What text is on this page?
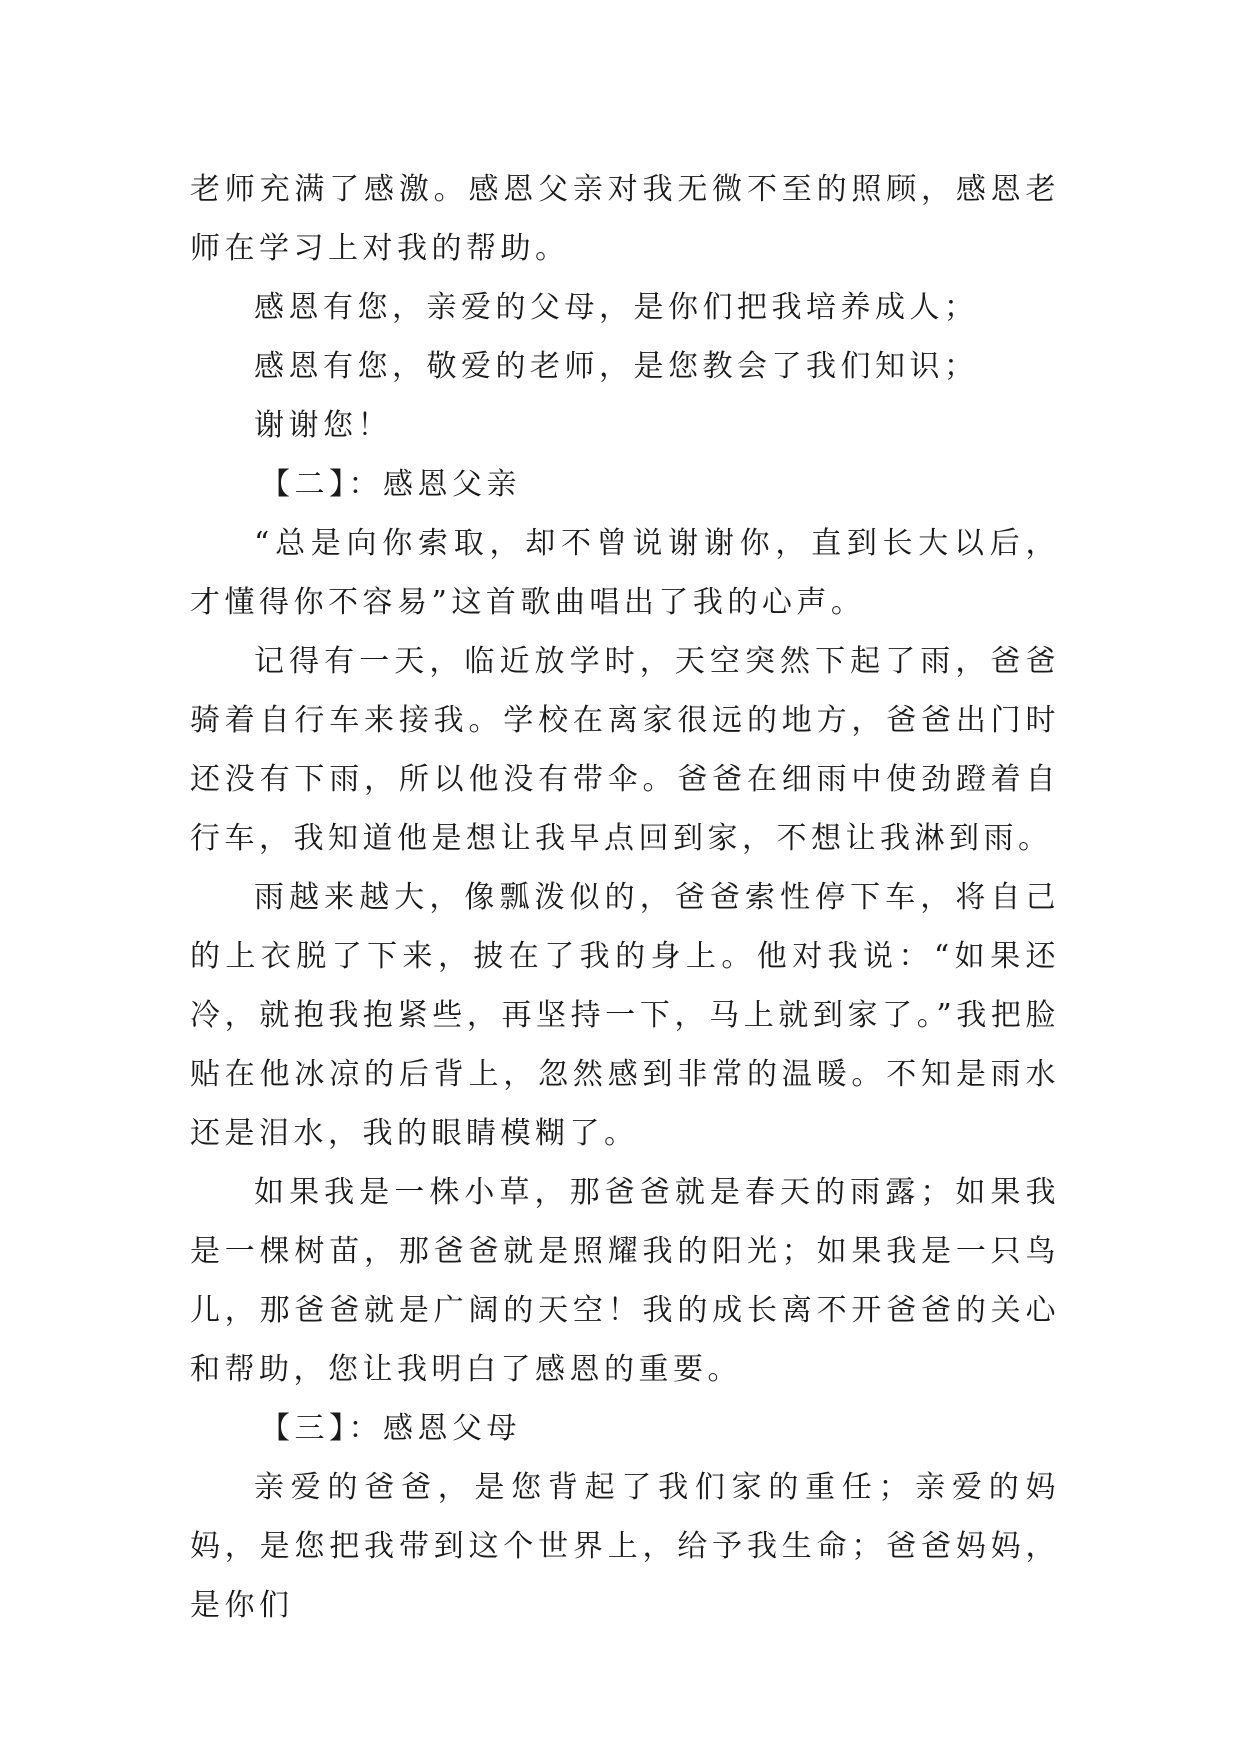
老师充满了感激。感恩父亲对我无微不至的照顾，感恩老师在学习上对我的帮助。

感恩有您，亲爱的父母，是你们把我培养成人；

感恩有您，敬爱的老师，是您教会了我们知识；

谢谢您！

【二】：感恩父亲

“总是向你索取，却不曾说谢谢你，直到长大以后，才懂得你不容易”这首歌曲唱出了我的心声。

记得有一天，临近放学时，天空突然下起了雨，爸爸骑着自行车来接我。学校在离家很远的地方，爸爸出门时还没有下雨，所以他没有带伞。爸爸在细雨中使劲蹬着自行车，我知道他是想让我早点回到家，不想让我淋到雨。

雨越来越大，像瓢泼似的，爸爸索性停下车，将自己的上衣脱了下来，披在了我的身上。他对我说：“如果还冷，就抱我抱紧些，再坚持一下，马上就到家了。”我把脸贴在他冰凉的后背上，忽然感到非常的温暖。不知是雨水还是泪水，我的眼睛模糊了。

如果我是一株小草，那爸爸就是春天的雨露；如果我是一棵树苗，那爸爸就是照耀我的阳光；如果我是一只鸟儿，那爸爸就是广阔的天空！我的成长离不开爸爸的关心和帮助，您让我明白了感恩的重要。

【三】：感恩父母

亲爱的爸爸，是您背起了我们家的重任；亲爱的妈妈，是您把我带到这个世界上，给予我生命；爸爸妈妈，是你们
